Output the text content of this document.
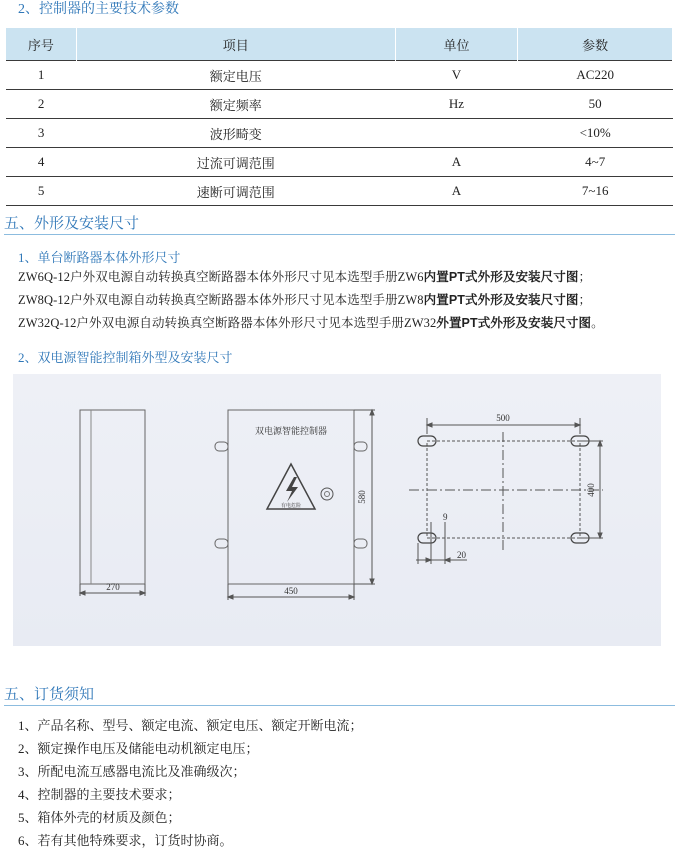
2、控制器的主要技术参数
序号	项目	单位	参数
1	额定电压	V	AC220
2	额定频率	Hz	50
3	波形畸变		<10%
4	过流可调范围	A	4~7
5	速断可调范围	A	7~16
五、外形及安装尺寸
1、单台断路器本体外形尺寸
ZW6Q-12户外双电源自动转换真空断路器本体外形尺寸见本选型手册ZW6内置PT式外形及安装尺寸图；
ZW8Q-12户外双电源自动转换真空断路器本体外形尺寸见本选型手册ZW8内置PT式外形及安装尺寸图；
ZW32Q-12户外双电源自动转换真空断路器本体外形尺寸见本选型手册ZW32外置PT式外形及安装尺寸图。
2、双电源智能控制箱外型及安装尺寸
270
双电源智能控制器
有电危险
450
580
500
400
20
9
五、订货须知
1、产品名称、型号、额定电流、额定电压、额定开断电流；
2、额定操作电压及储能电动机额定电压；
3、所配电流互感器电流比及准确级次；
4、控制器的主要技术要求；
5、箱体外壳的材质及颜色；
6、若有其他特殊要求，订货时协商。
